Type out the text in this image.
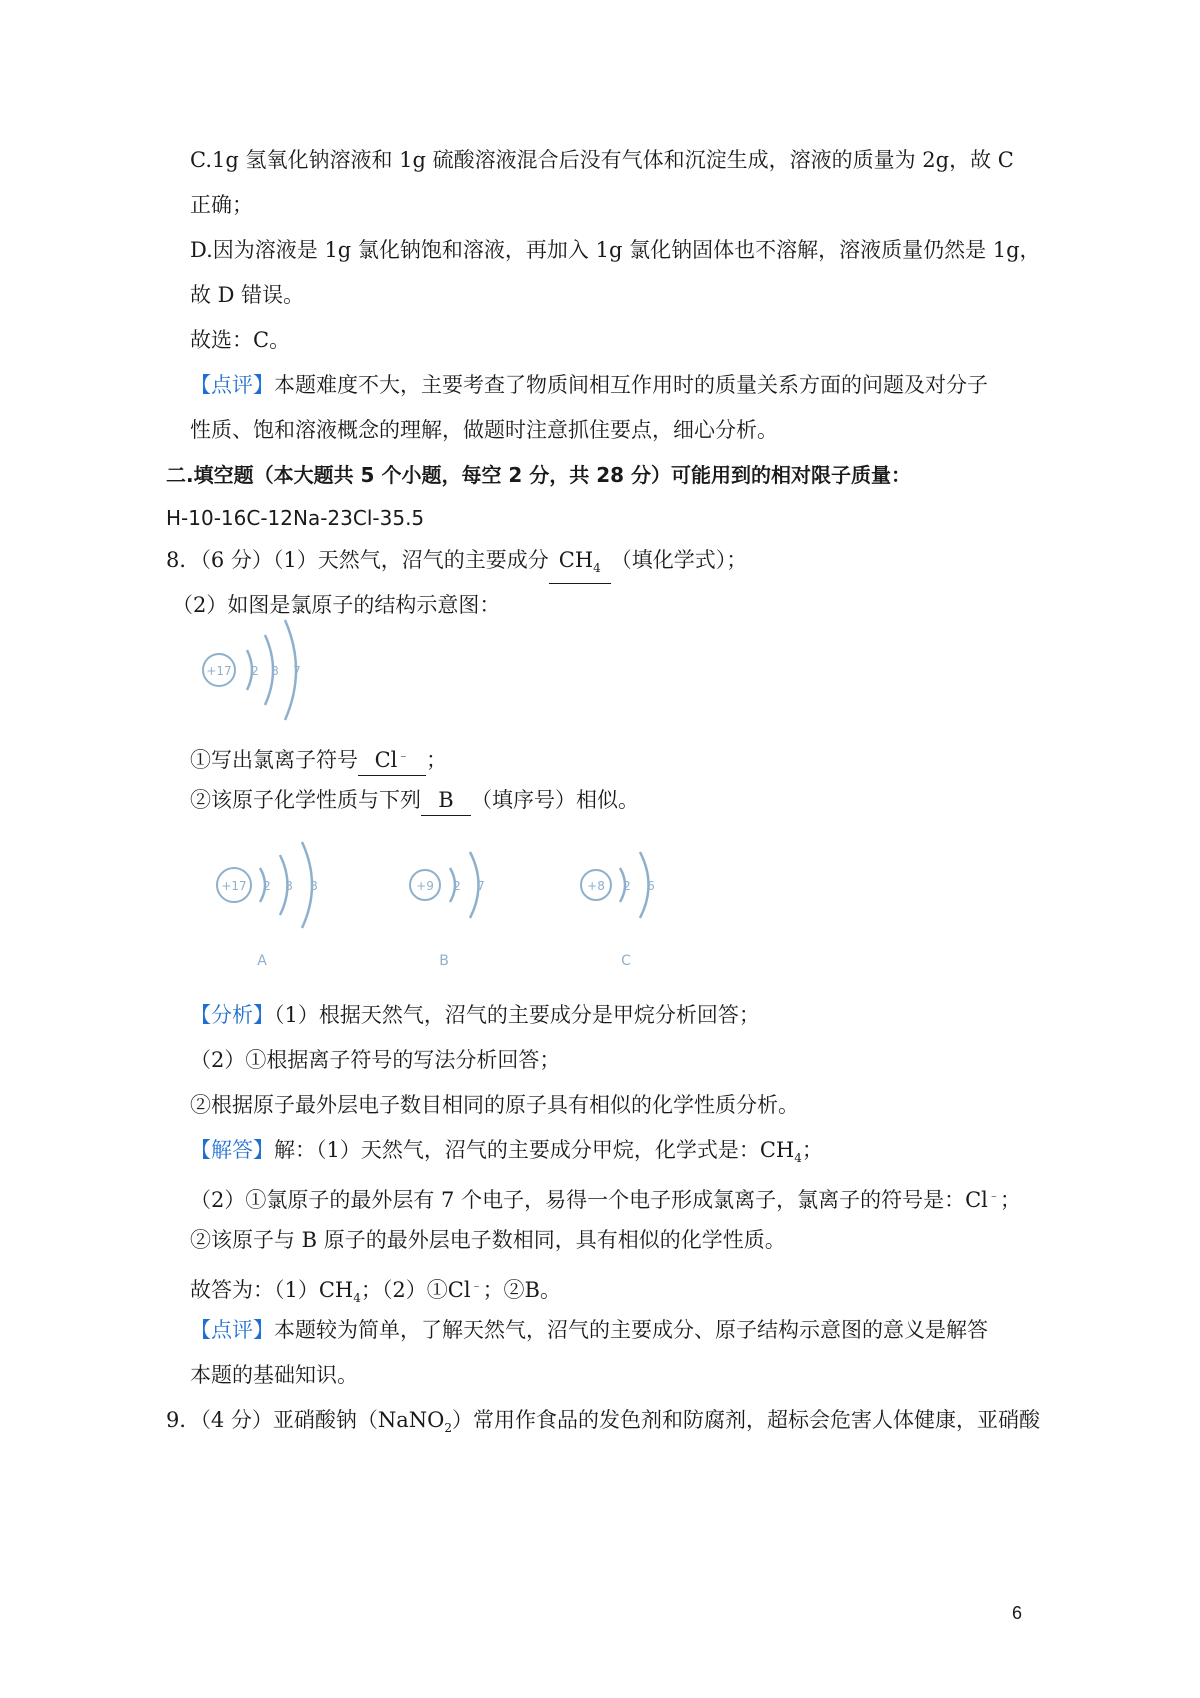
C.1g 氢氧化钠溶液和 1g 硫酸溶液混合后没有气体和沉淀生成，溶液的质量为 2g，故 C
正确；
D.因为溶液是 1g 氯化钠饱和溶液，再加入 1g 氯化钠固体也不溶解，溶液质量仍然是 1g，
故 D 错误。
故选：C。
【点评】本题难度不大，主要考查了物质间相互作用时的质量关系方面的问题及对分子
性质、饱和溶液概念的理解，做题时注意抓住要点，细心分析。
二.填空题（本大题共 5 个小题，每空 2 分，共 28 分）可能用到的相对限子质量：
H-10-16C-12Na-23Cl-35.5
8．（6 分）（1）天然气，沼气的主要成分 $CH_4$ （填化学式）；
（2）如图是氯原子的结构示意图：
+17 2 8 7
①写出氯离子符号 Cl﹣ ；
②该原子化学性质与下列 B （填序号）相似。
+17 2 8 8
A
+9 2 7
B
+8 2 6
C
【分析】（1）根据天然气，沼气的主要成分是甲烷分析回答；
（2）①根据离子符号的写法分析回答；
②根据原子最外层电子数目相同的原子具有相似的化学性质分析。
【解答】解：（1）天然气，沼气的主要成分甲烷，化学式是：$CH_4$；
（2）①氯原子的最外层有 7 个电子，易得一个电子形成氯离子，氯离子的符号是：Cl﹣；
②该原子与 B 原子的最外层电子数相同，具有相似的化学性质。
故答为：$(1)CH_4$；（2）①Cl﹣；②B。
【点评】本题较为简单，了解天然气，沼气的主要成分、原子结构示意图的意义是解答
本题的基础知识。
9．（4 分）亚硝酸钠（NaNO$_2$）常用作食品的发色剂和防腐剂，超标会危害人体健康，亚硝酸
6
